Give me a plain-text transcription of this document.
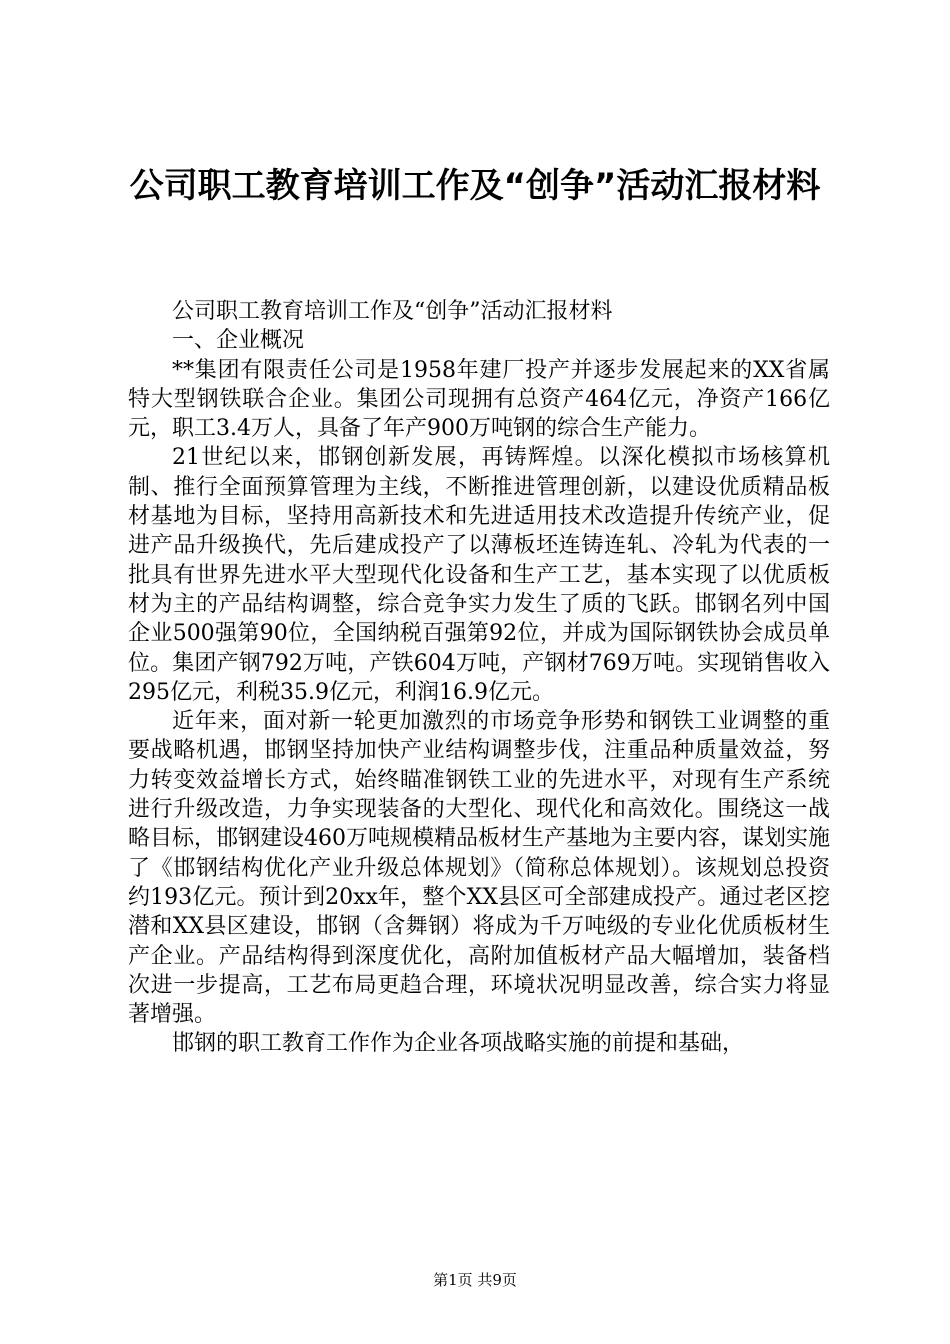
公司职工教育培训工作及“创争”活动汇报材料

公司职工教育培训工作及“创争”活动汇报材料

一、企业概况

**集团有限责任公司是1958年建厂投产并逐步发展起来的XX省属特大型钢铁联合企业。集团公司现拥有总资产464亿元，净资产166亿元，职工3.4万人，具备了年产900万吨钢的综合生产能力。

21世纪以来，邯钢创新发展，再铸辉煌。以深化模拟市场核算机制、推行全面预算管理为主线，不断推进管理创新，以建设优质精品板材基地为目标，坚持用高新技术和先进适用技术改造提升传统产业，促进产品升级换代，先后建成投产了以薄板坯连铸连轧、冷轧为代表的一批具有世界先进水平大型现代化设备和生产工艺，基本实现了以优质板材为主的产品结构调整，综合竞争实力发生了质的飞跃。邯钢名列中国企业500强第90位，全国纳税百强第92位，并成为国际钢铁协会成员单位。集团产钢792万吨，产铁604万吨，产钢材769万吨。实现销售收入295亿元，利税35.9亿元，利润16.9亿元。

近年来，面对新一轮更加激烈的市场竞争形势和钢铁工业调整的重要战略机遇，邯钢坚持加快产业结构调整步伐，注重品种质量效益，努力转变效益增长方式，始终瞄准钢铁工业的先进水平，对现有生产系统进行升级改造，力争实现装备的大型化、现代化和高效化。围绕这一战略目标，邯钢建设460万吨规模精品板材生产基地为主要内容，谋划实施了《邯钢结构优化产业升级总体规划》（简称总体规划）。该规划总投资约193亿元。预计到20xx年，整个XX县区可全部建成投产。通过老区挖潜和XX县区建设，邯钢（含舞钢）将成为千万吨级的专业化优质板材生产企业。产品结构得到深度优化，高附加值板材产品大幅增加，装备档次进一步提高，工艺布局更趋合理，环境状况明显改善，综合实力将显著增强。

邯钢的职工教育工作作为企业各项战略实施的前提和基础，

第1页 共9页
